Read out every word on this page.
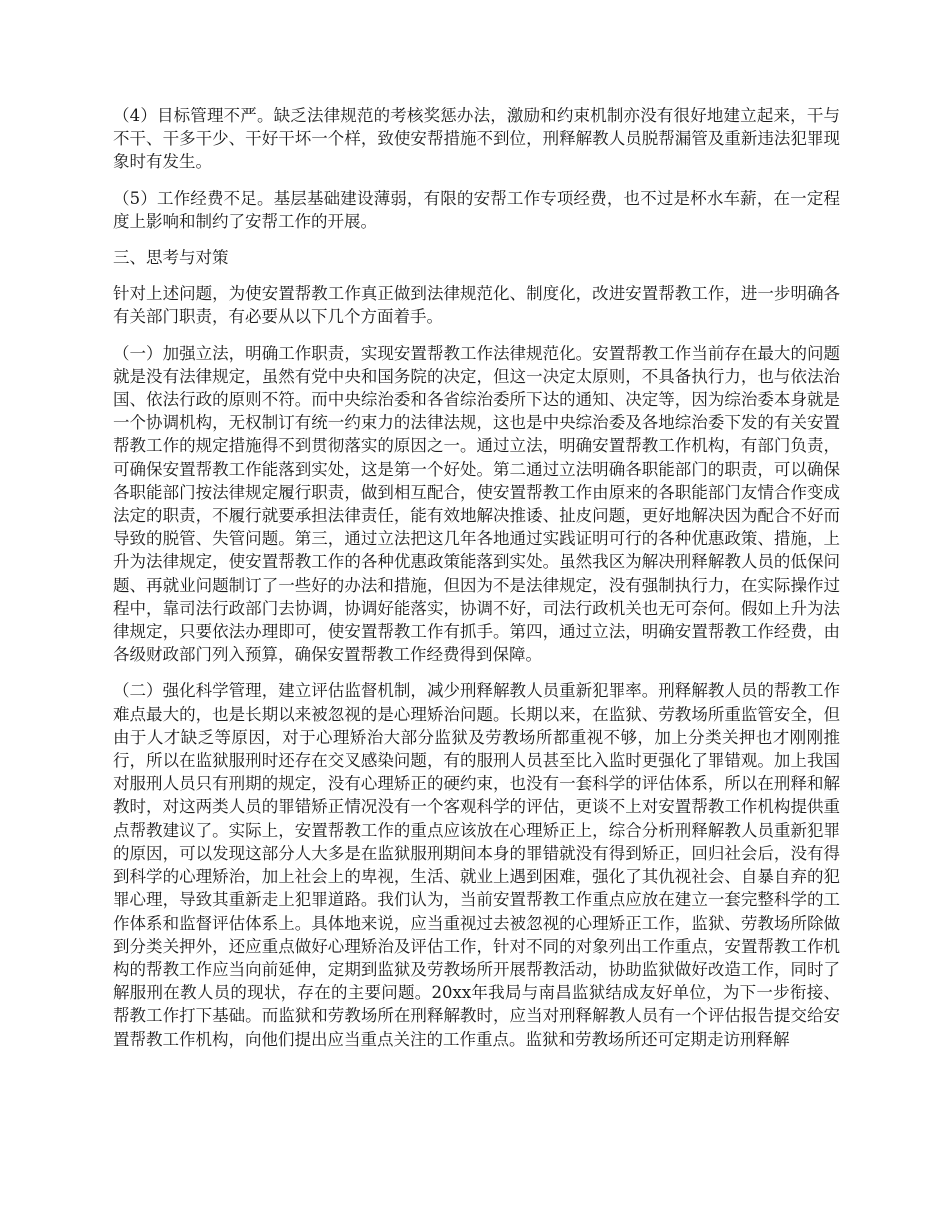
（4）目标管理不严。缺乏法律规范的考核奖惩办法，激励和约束机制亦没有很好地建立起来，干与不干、干多干少、干好干坏一个样，致使安帮措施不到位，刑释解教人员脱帮漏管及重新违法犯罪现象时有发生。

（5）工作经费不足。基层基础建设薄弱，有限的安帮工作专项经费，也不过是杯水车薪，在一定程度上影响和制约了安帮工作的开展。

三、思考与对策

针对上述问题，为使安置帮教工作真正做到法律规范化、制度化，改进安置帮教工作，进一步明确各有关部门职责，有必要从以下几个方面着手。

（一）加强立法，明确工作职责，实现安置帮教工作法律规范化。安置帮教工作当前存在最大的问题就是没有法律规定，虽然有党中央和国务院的决定，但这一决定太原则，不具备执行力，也与依法治国、依法行政的原则不符。而中央综治委和各省综治委所下达的通知、决定等，因为综治委本身就是一个协调机构，无权制订有统一约束力的法律法规，这也是中央综治委及各地综治委下发的有关安置帮教工作的规定措施得不到贯彻落实的原因之一。通过立法，明确安置帮教工作机构，有部门负责，可确保安置帮教工作能落到实处，这是第一个好处。第二通过立法明确各职能部门的职责，可以确保各职能部门按法律规定履行职责，做到相互配合，使安置帮教工作由原来的各职能部门友情合作变成法定的职责，不履行就要承担法律责任，能有效地解决推诿、扯皮问题，更好地解决因为配合不好而导致的脱管、失管问题。第三，通过立法把这几年各地通过实践证明可行的各种优惠政策、措施，上升为法律规定，使安置帮教工作的各种优惠政策能落到实处。虽然我区为解决刑释解教人员的低保问题、再就业问题制订了一些好的办法和措施，但因为不是法律规定，没有强制执行力，在实际操作过程中，靠司法行政部门去协调，协调好能落实，协调不好，司法行政机关也无可奈何。假如上升为法律规定，只要依法办理即可，使安置帮教工作有抓手。第四，通过立法，明确安置帮教工作经费，由各级财政部门列入预算，确保安置帮教工作经费得到保障。

（二）强化科学管理，建立评估监督机制，减少刑释解教人员重新犯罪率。刑释解教人员的帮教工作难点最大的，也是长期以来被忽视的是心理矫治问题。长期以来，在监狱、劳教场所重监管安全，但由于人才缺乏等原因，对于心理矫治大部分监狱及劳教场所都重视不够，加上分类关押也才刚刚推行，所以在监狱服刑时还存在交叉感染问题，有的服刑人员甚至比入监时更强化了罪错观。加上我国对服刑人员只有刑期的规定，没有心理矫正的硬约束，也没有一套科学的评估体系，所以在刑释和解教时，对这两类人员的罪错矫正情况没有一个客观科学的评估，更谈不上对安置帮教工作机构提供重点帮教建议了。实际上，安置帮教工作的重点应该放在心理矫正上，综合分析刑释解教人员重新犯罪的原因，可以发现这部分人大多是在监狱服刑期间本身的罪错就没有得到矫正，回归社会后，没有得到科学的心理矫治，加上社会上的卑视，生活、就业上遇到困难，强化了其仇视社会、自暴自弃的犯罪心理，导致其重新走上犯罪道路。我们认为，当前安置帮教工作重点应放在建立一套完整科学的工作体系和监督评估体系上。具体地来说，应当重视过去被忽视的心理矫正工作，监狱、劳教场所除做到分类关押外，还应重点做好心理矫治及评估工作，针对不同的对象列出工作重点，安置帮教工作机构的帮教工作应当向前延伸，定期到监狱及劳教场所开展帮教活动，协助监狱做好改造工作，同时了解服刑在教人员的现状，存在的主要问题。20xx年我局与南昌监狱结成友好单位，为下一步衔接、帮教工作打下基础。而监狱和劳教场所在刑释解教时，应当对刑释解教人员有一个评估报告提交给安置帮教工作机构，向他们提出应当重点关注的工作重点。监狱和劳教场所还可定期走访刑释解
